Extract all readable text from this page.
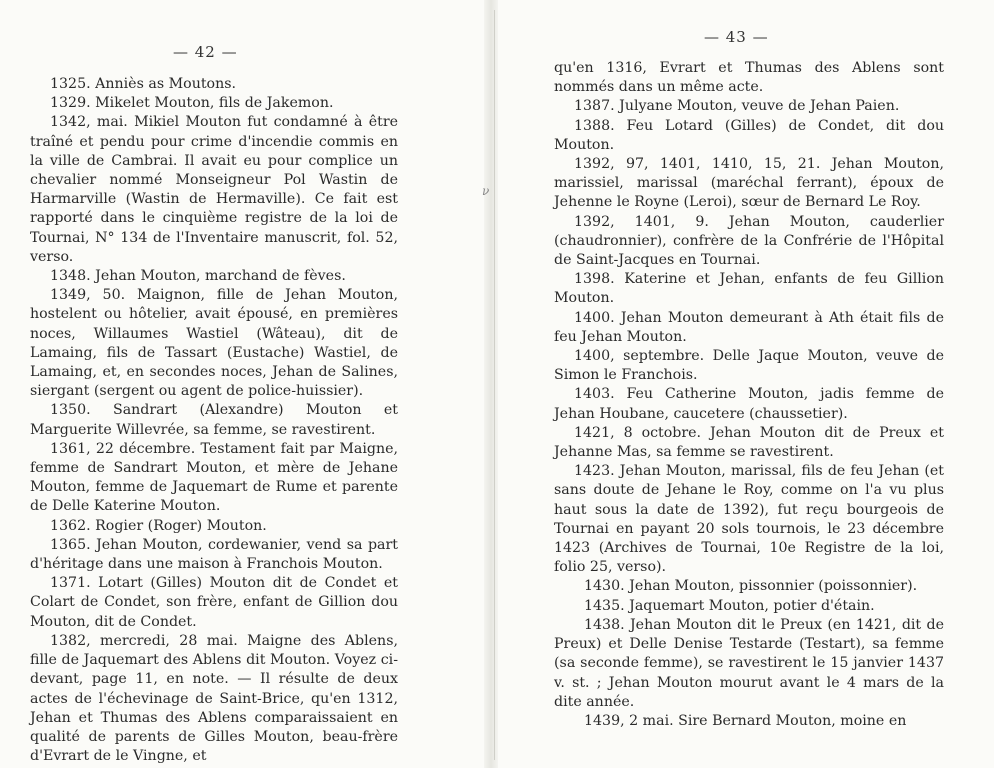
— 42 —

1325. Anniès as Moutons.

1329. Mikelet Mouton, fils de Jakemon.

1342, mai. Mikiel Mouton fut condamné à être traîné et pendu pour crime d'incendie commis en la ville de Cambrai. Il avait eu pour complice un chevalier nommé Monseigneur Pol Wastin de Harmarville (Wastin de Hermaville). Ce fait est rapporté dans le cinquième registre de la loi de Tournai, N° 134 de l'Inventaire manuscrit, fol. 52, verso.

1348. Jehan Mouton, marchand de fèves.

1349, 50. Maignon, fille de Jehan Mouton, hostelent ou hôtelier, avait épousé, en premières noces, Willaumes Wastiel (Wâteau), dit de Lamaing, fils de Tassart (Eustache) Wastiel, de Lamaing, et, en secondes noces, Jehan de Salines, siergant (sergent ou agent de police-huissier).

1350. Sandrart (Alexandre) Mouton et Marguerite Willevrée, sa femme, se ravestirent.

1361, 22 décembre. Testament fait par Maigne, femme de Sandrart Mouton, et mère de Jehane Mouton, femme de Jaquemart de Rume et parente de Delle Katerine Mouton.

1362. Rogier (Roger) Mouton.

1365. Jehan Mouton, cordewanier, vend sa part d'héritage dans une maison à Franchois Mouton.

1371. Lotart (Gilles) Mouton dit de Condet et Colart de Condet, son frère, enfant de Gillion dou Mouton, dit de Condet.

1382, mercredi, 28 mai. Maigne des Ablens, fille de Jaquemart des Ablens dit Mouton. Voyez ci-devant, page 11, en note. — Il résulte de deux actes de l'échevinage de Saint-Brice, qu'en 1312, Jehan et Thumas des Ablens comparaissaient en qualité de parents de Gilles Mouton, beau-frère d'Evrart de le Vingne, et

ν
— 43 —

qu'en 1316, Evrart et Thumas des Ablens sont nommés dans un même acte.

1387. Julyane Mouton, veuve de Jehan Paien.

1388. Feu Lotard (Gilles) de Condet, dit dou Mouton.

1392, 97, 1401, 1410, 15, 21. Jehan Mouton, marissiel, marissal (maréchal ferrant), époux de Jehenne le Royne (Leroi), sœur de Bernard Le Roy.

1392, 1401, 9. Jehan Mouton, cauderlier (chaudronnier), confrère de la Confrérie de l'Hôpital de Saint-Jacques en Tournai.

1398. Katerine et Jehan, enfants de feu Gillion Mouton.

1400. Jehan Mouton demeurant à Ath était fils de feu Jehan Mouton.

1400, septembre. Delle Jaque Mouton, veuve de Simon le Franchois.

1403. Feu Catherine Mouton, jadis femme de Jehan Houbane, caucetere (chaussetier).

1421, 8 octobre. Jehan Mouton dit de Preux et Jehanne Mas, sa femme se ravestirent.

1423. Jehan Mouton, marissal, fils de feu Jehan (et sans doute de Jehane le Roy, comme on l'a vu plus haut sous la date de 1392), fut reçu bourgeois de Tournai en payant 20 sols tournois, le 23 décembre 1423 (Archives de Tournai, 10e Registre de la loi, folio 25, verso).

1430. Jehan Mouton, pissonnier (poissonnier).

1435. Jaquemart Mouton, potier d'étain.

1438. Jehan Mouton dit le Preux (en 1421, dit de Preux) et Delle Denise Testarde (Testart), sa femme (sa seconde femme), se ravestirent le 15 janvier 1437 v. st. ; Jehan Mouton mourut avant le 4 mars de la dite année.

1439, 2 mai. Sire Bernard Mouton, moine en
